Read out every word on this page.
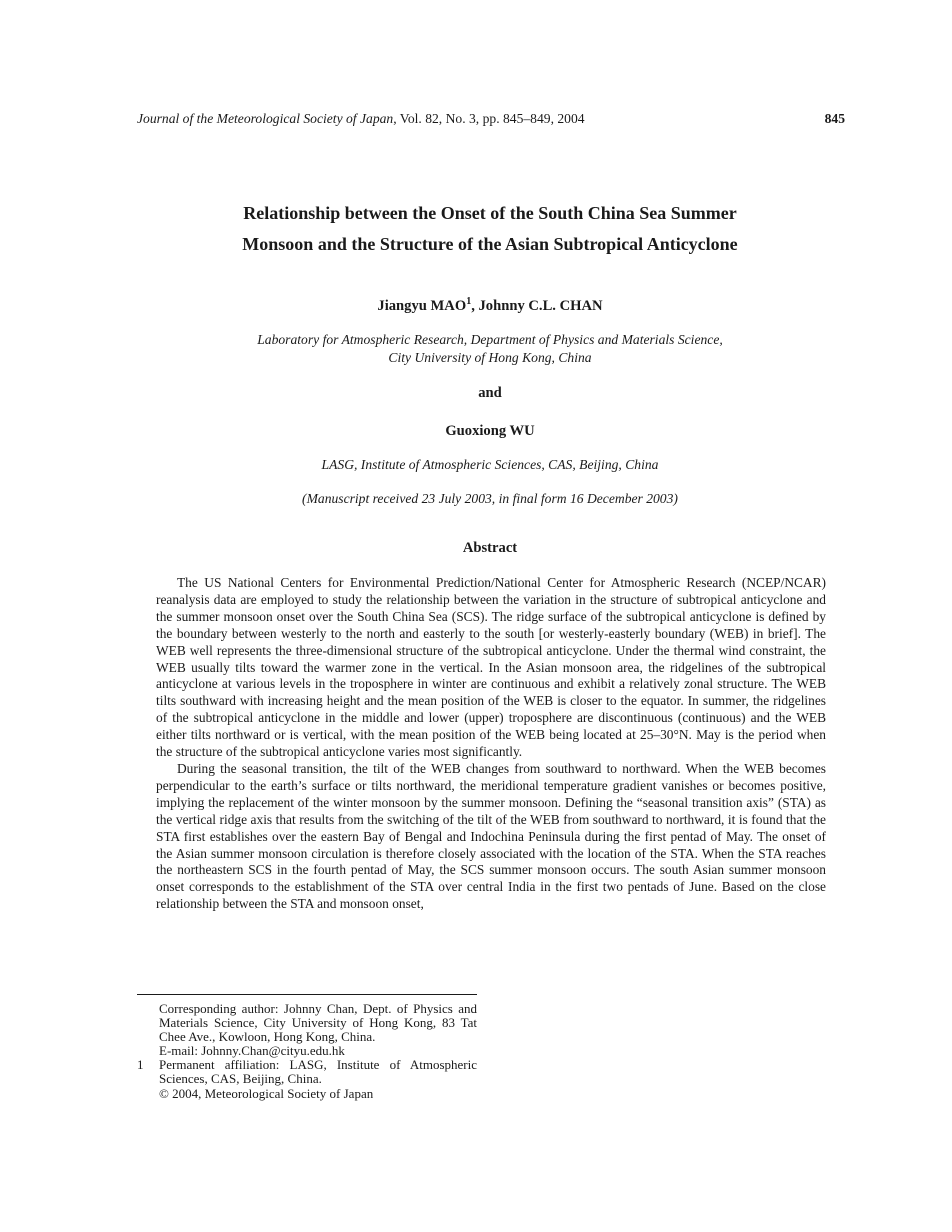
Journal of the Meteorological Society of Japan, Vol. 82, No. 3, pp. 845–849, 2004	845
Relationship between the Onset of the South China Sea Summer
Monsoon and the Structure of the Asian Subtropical Anticyclone
Jiangyu MAO$^1$, Johnny C.L. CHAN
Laboratory for Atmospheric Research, Department of Physics and Materials Science,
City University of Hong Kong, China
and
Guoxiong WU
LASG, Institute of Atmospheric Sciences, CAS, Beijing, China
(Manuscript received 23 July 2003, in final form 16 December 2003)
Abstract

The US National Centers for Environmental Prediction/National Center for Atmospheric Research (NCEP/NCAR) reanalysis data are employed to study the relationship between the variation in the structure of subtropical anticyclone and the summer monsoon onset over the South China Sea (SCS). The ridge surface of the subtropical anticyclone is defined by the boundary between westerly to the north and easterly to the south [or westerly-easterly boundary (WEB) in brief]. The WEB well represents the three-dimensional structure of the subtropical anticyclone. Under the thermal wind constraint, the WEB usually tilts toward the warmer zone in the vertical. In the Asian monsoon area, the ridgelines of the subtropical anticyclone at various levels in the troposphere in winter are continuous and exhibit a relatively zonal structure. The WEB tilts southward with increasing height and the mean position of the WEB is closer to the equator. In summer, the ridgelines of the subtropical anticyclone in the middle and lower (upper) troposphere are discontinuous (continuous) and the WEB either tilts northward or is vertical, with the mean position of the WEB being located at 25–30°N. May is the period when the structure of the subtropical anticyclone varies most significantly.

During the seasonal transition, the tilt of the WEB changes from southward to northward. When the WEB becomes perpendicular to the earth’s surface or tilts northward, the meridional temperature gradient vanishes or becomes positive, implying the replacement of the winter monsoon by the summer monsoon. Defining the “seasonal transition axis” (STA) as the vertical ridge axis that results from the switching of the tilt of the WEB from southward to northward, it is found that the STA first establishes over the eastern Bay of Bengal and Indochina Peninsula during the first pentad of May. The onset of the Asian summer monsoon circulation is therefore closely associated with the location of the STA. When the STA reaches the northeastern SCS in the fourth pentad of May, the SCS summer monsoon occurs. The south Asian summer monsoon onset corresponds to the establishment of the STA over central India in the first two pentads of June. Based on the close relationship between the STA and monsoon onset,

Corresponding author: Johnny Chan, Dept. of Physics and Materials Science, City University of Hong Kong, 83 Tat Chee Ave., Kowloon, Hong Kong, China.
E-mail: Johnny.Chan@cityu.edu.hk
1	Permanent affiliation: LASG, Institute of Atmospheric Sciences, CAS, Beijing, China.
© 2004, Meteorological Society of Japan
